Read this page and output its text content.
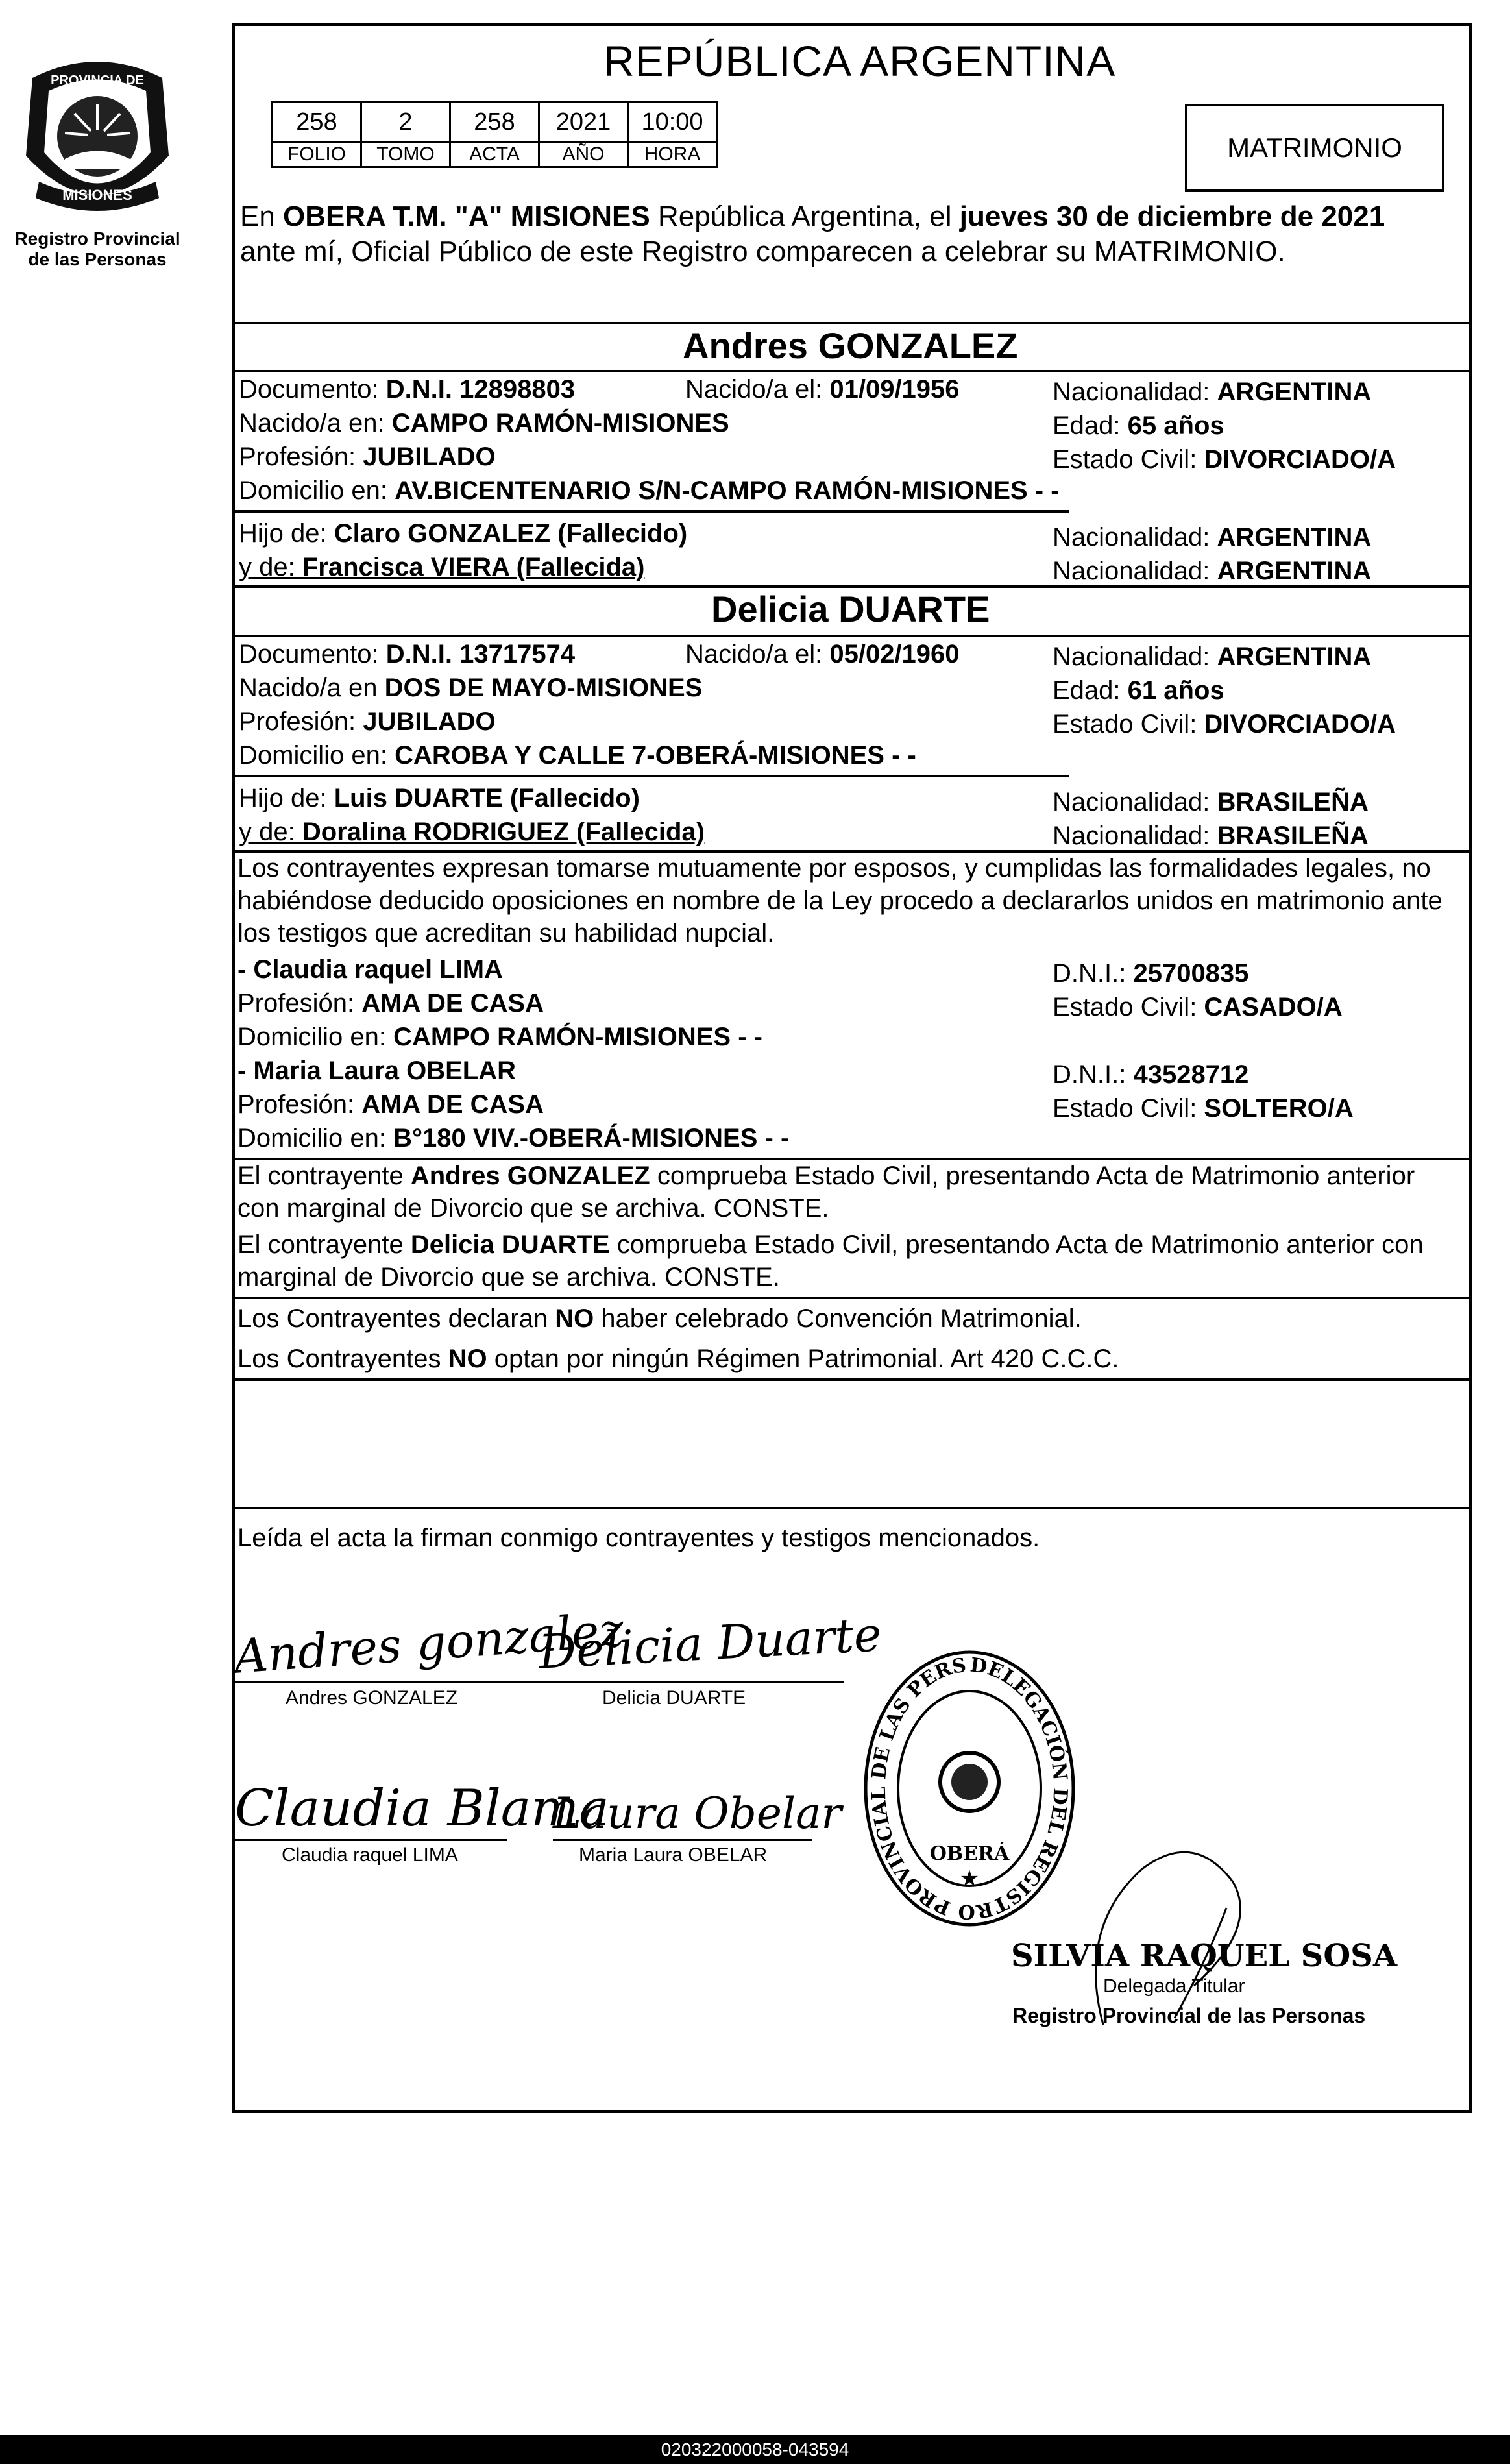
PROVINCIA DE
MISIONES
Registro Provincial
de las Personas
REPÚBLICA ARGENTINA
258	2	258	2021	10:00
FOLIO	TOMO	ACTA	AÑO	HORA	MATRIMONIO
En OBERA T.M. "A" MISIONES República Argentina, el jueves 30 de diciembre de 2021
ante mí, Oficial Público de este Registro comparecen a celebrar su MATRIMONIO.
Andres GONZALEZ
Documento: D.N.I. 12898803	Nacido/a el: 01/09/1956	Nacionalidad: ARGENTINA
Nacido/a en: CAMPO RAMÓN-MISIONES	Edad: 65 años
Profesión: JUBILADO	Estado Civil: DIVORCIADO/A
Domicilio en: AV.BICENTENARIO S/N-CAMPO RAMÓN-MISIONES - -
Hijo de: Claro GONZALEZ (Fallecido)	Nacionalidad: ARGENTINA
y de: Francisca VIERA (Fallecida)	Nacionalidad: ARGENTINA
Delicia DUARTE
Documento: D.N.I. 13717574	Nacido/a el: 05/02/1960	Nacionalidad: ARGENTINA
Nacido/a en DOS DE MAYO-MISIONES	Edad: 61 años
Profesión: JUBILADO	Estado Civil: DIVORCIADO/A
Domicilio en: CAROBA Y CALLE 7-OBERÁ-MISIONES - -
Hijo de: Luis DUARTE (Fallecido)	Nacionalidad: BRASILEÑA
y de: Doralina RODRIGUEZ (Fallecida)	Nacionalidad: BRASILEÑA
Los contrayentes expresan tomarse mutuamente por esposos, y cumplidas las formalidades legales, no
habiéndose deducido oposiciones en nombre de la Ley procedo a declararlos unidos en matrimonio ante
los testigos que acreditan su habilidad nupcial.
- Claudia raquel LIMA	D.N.I.: 25700835
Profesión: AMA DE CASA	Estado Civil: CASADO/A
Domicilio en: CAMPO RAMÓN-MISIONES - -
- Maria Laura OBELAR	D.N.I.: 43528712
Profesión: AMA DE CASA	Estado Civil: SOLTERO/A
Domicilio en: B°180 VIV.-OBERÁ-MISIONES - -
El contrayente Andres GONZALEZ comprueba Estado Civil, presentando Acta de Matrimonio anterior
con marginal de Divorcio que se archiva. CONSTE.
El contrayente Delicia DUARTE comprueba Estado Civil, presentando Acta de Matrimonio anterior con
marginal de Divorcio que se archiva. CONSTE.
Los Contrayentes declaran NO haber celebrado Convención Matrimonial.
Los Contrayentes NO optan por ningún Régimen Patrimonial. Art 420 C.C.C.
Leída el acta la firman conmigo contrayentes y testigos mencionados.
Andres gonzalez
Andres GONZALEZ
Delicia Duarte
Delicia DUARTE
Claudia Blama
Claudia raquel LIMA
Laura Obelar
Maria Laura OBELAR
DELEGACIÓN DEL REGISTRO PROVINCIAL DE LAS PERS
OBERÁ
★
SILVIA RAQUEL SOSA
Delegada Titular
Registro Provincial de las Personas
020322000058-043594
